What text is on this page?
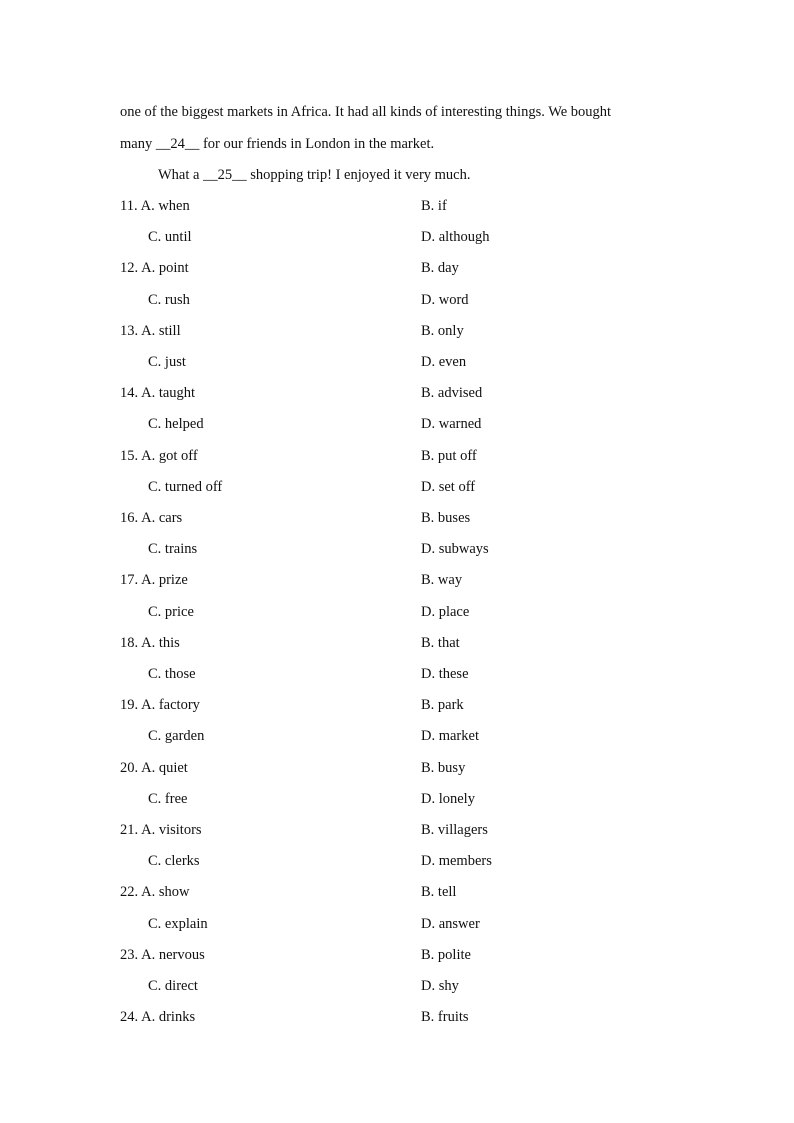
one of the biggest markets in Africa. It had all kinds of interesting things. We bought
many __24__ for our friends in London in the market.
What a __25__ shopping trip! I enjoyed it very much.
11. A. when	B. if
C. until	D. although
12. A. point	B. day
C. rush	D. word
13. A. still	B. only
C. just	D. even
14. A. taught	B. advised
C. helped	D. warned
15. A. got off	B. put off
C. turned off	D. set off
16. A. cars	B. buses
C. trains	D. subways
17. A. prize	B. way
C. price	D. place
18. A. this	B. that
C. those	D. these
19. A. factory	B. park
C. garden	D. market
20. A. quiet	B. busy
C. free	D. lonely
21. A. visitors	B. villagers
C. clerks	D. members
22. A. show	B. tell
C. explain	D. answer
23. A. nervous	B. polite
C. direct	D. shy
24. A. drinks	B. fruits
